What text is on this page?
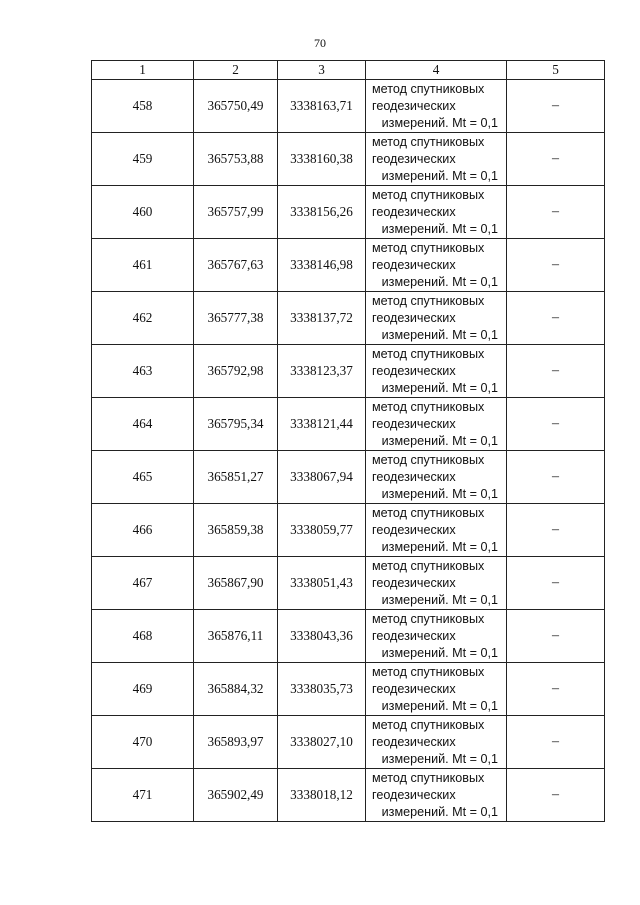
70
1	2	3	4	5
458	365750,49	3338163,71	метод спутниковых
геодезических
измерений. Mt = 0,1	–
459	365753,88	3338160,38	метод спутниковых
геодезических
измерений. Mt = 0,1	–
460	365757,99	3338156,26	метод спутниковых
геодезических
измерений. Mt = 0,1	–
461	365767,63	3338146,98	метод спутниковых
геодезических
измерений. Mt = 0,1	–
462	365777,38	3338137,72	метод спутниковых
геодезических
измерений. Mt = 0,1	–
463	365792,98	3338123,37	метод спутниковых
геодезических
измерений. Mt = 0,1	–
464	365795,34	3338121,44	метод спутниковых
геодезических
измерений. Mt = 0,1	–
465	365851,27	3338067,94	метод спутниковых
геодезических
измерений. Mt = 0,1	–
466	365859,38	3338059,77	метод спутниковых
геодезических
измерений. Mt = 0,1	–
467	365867,90	3338051,43	метод спутниковых
геодезических
измерений. Mt = 0,1	–
468	365876,11	3338043,36	метод спутниковых
геодезических
измерений. Mt = 0,1	–
469	365884,32	3338035,73	метод спутниковых
геодезических
измерений. Mt = 0,1	–
470	365893,97	3338027,10	метод спутниковых
геодезических
измерений. Mt = 0,1	–
471	365902,49	3338018,12	метод спутниковых
геодезических
измерений. Mt = 0,1	–
